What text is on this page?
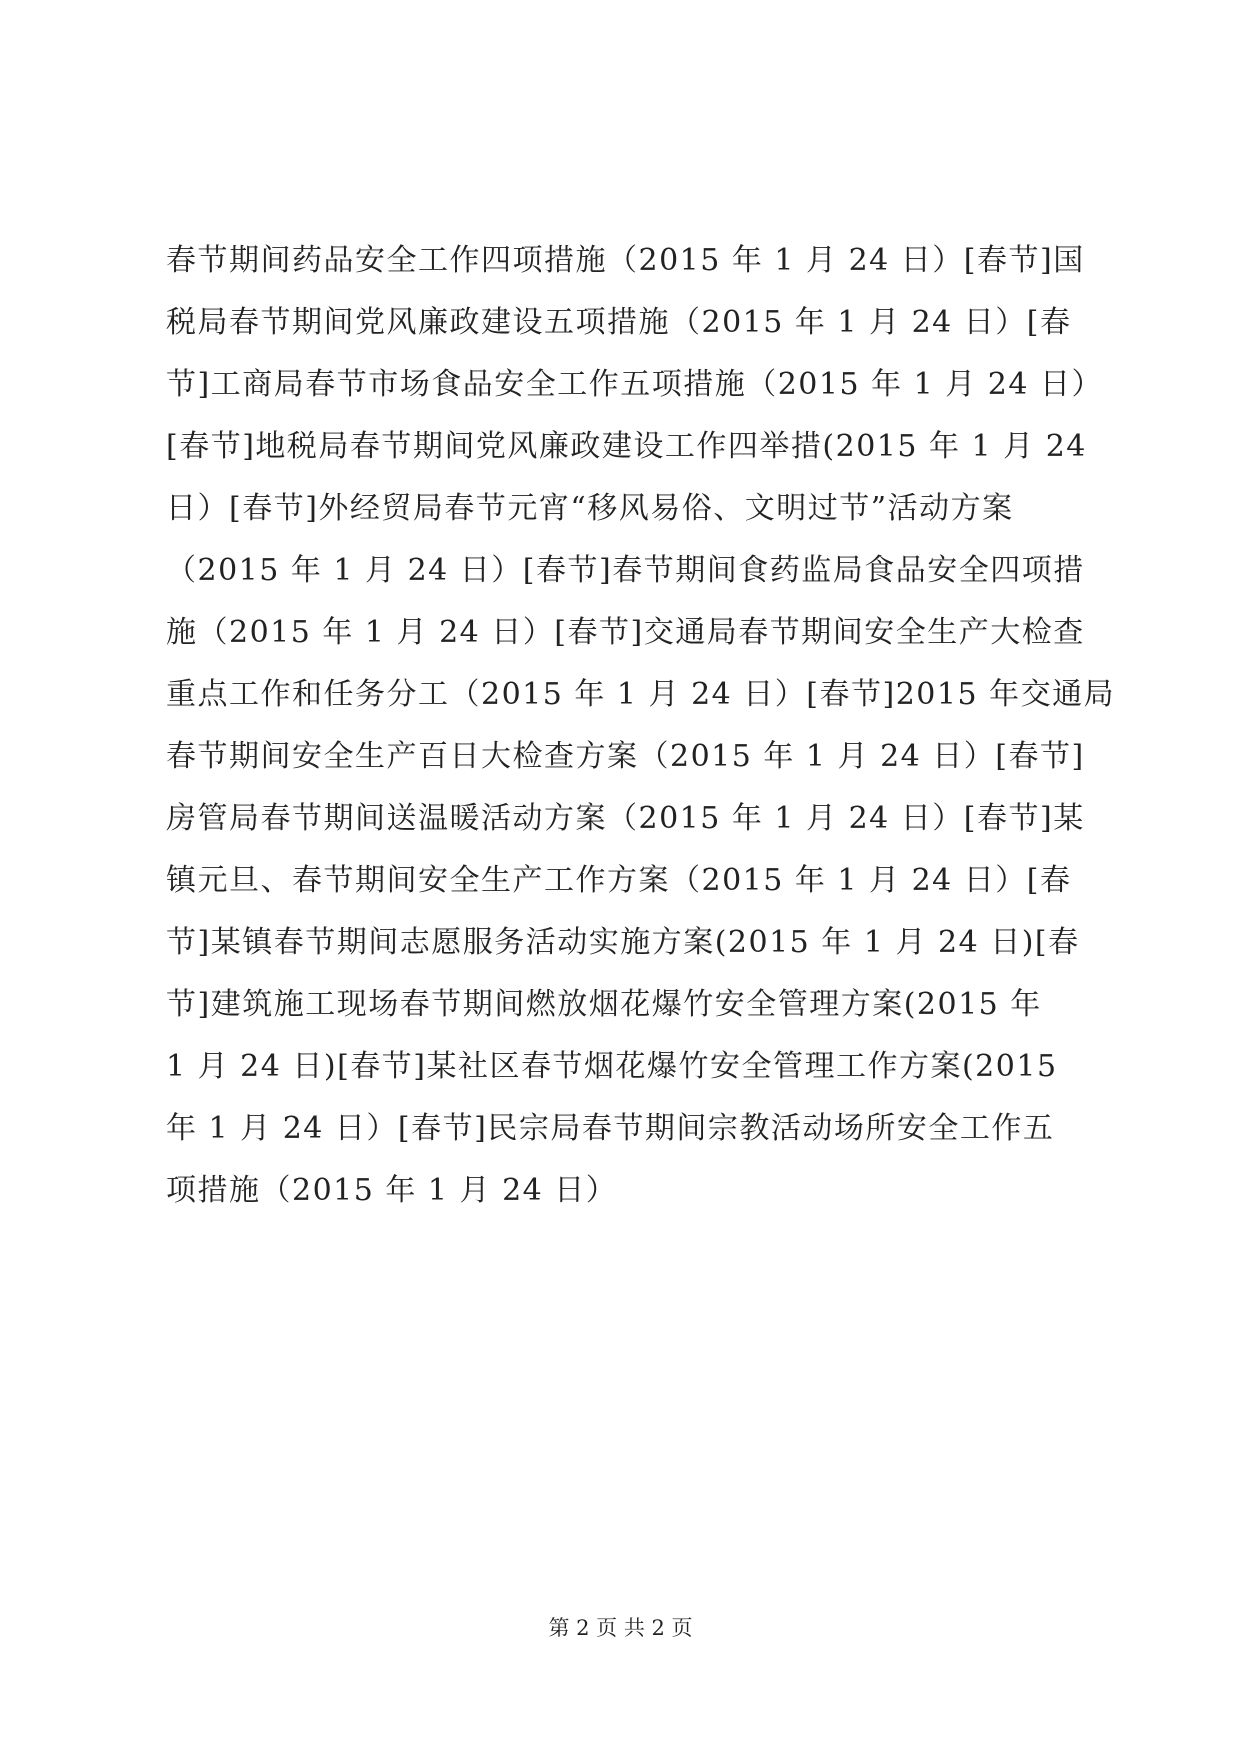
春节期间药品安全工作四项措施（2015 年 1 月 24 日）[春节]国
税局春节期间党风廉政建设五项措施（2015 年 1 月 24 日）[春
节]工商局春节市场食品安全工作五项措施（2015 年 1 月 24 日）
[春节]地税局春节期间党风廉政建设工作四举措(2015 年 1 月 24
日）[春节]外经贸局春节元宵“移风易俗、文明过节”活动方案
（2015 年 1 月 24 日）[春节]春节期间食药监局食品安全四项措
施（2015 年 1 月 24 日）[春节]交通局春节期间安全生产大检查
重点工作和任务分工（2015 年 1 月 24 日）[春节]2015 年交通局
春节期间安全生产百日大检查方案（2015 年 1 月 24 日）[春节]
房管局春节期间送温暖活动方案（2015 年 1 月 24 日）[春节]某
镇元旦、春节期间安全生产工作方案（2015 年 1 月 24 日）[春
节]某镇春节期间志愿服务活动实施方案(2015 年 1 月 24 日)[春
节]建筑施工现场春节期间燃放烟花爆竹安全管理方案(2015 年
1 月 24 日)[春节]某社区春节烟花爆竹安全管理工作方案(2015
年 1 月 24 日）[春节]民宗局春节期间宗教活动场所安全工作五
项措施（2015 年 1 月 24 日）
第 2 页 共 2 页
